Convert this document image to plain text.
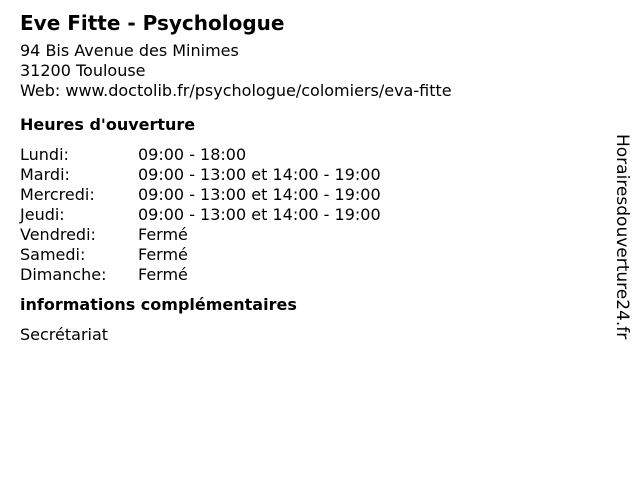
Eve Fitte - Psychologue
94 Bis Avenue des Minimes
31200 Toulouse
Web: www.doctolib.fr/psychologue/colomiers/eva-fitte
Heures d'ouverture
Lundi:	09:00 - 18:00
Mardi:	09:00 - 13:00 et 14:00 - 19:00
Mercredi:	09:00 - 13:00 et 14:00 - 19:00
Jeudi:	09:00 - 13:00 et 14:00 - 19:00
Vendredi:	Fermé
Samedi:	Fermé
Dimanche: Fermé
informations complémentaires
Secrétariat	Horairesdouverture24.fr
